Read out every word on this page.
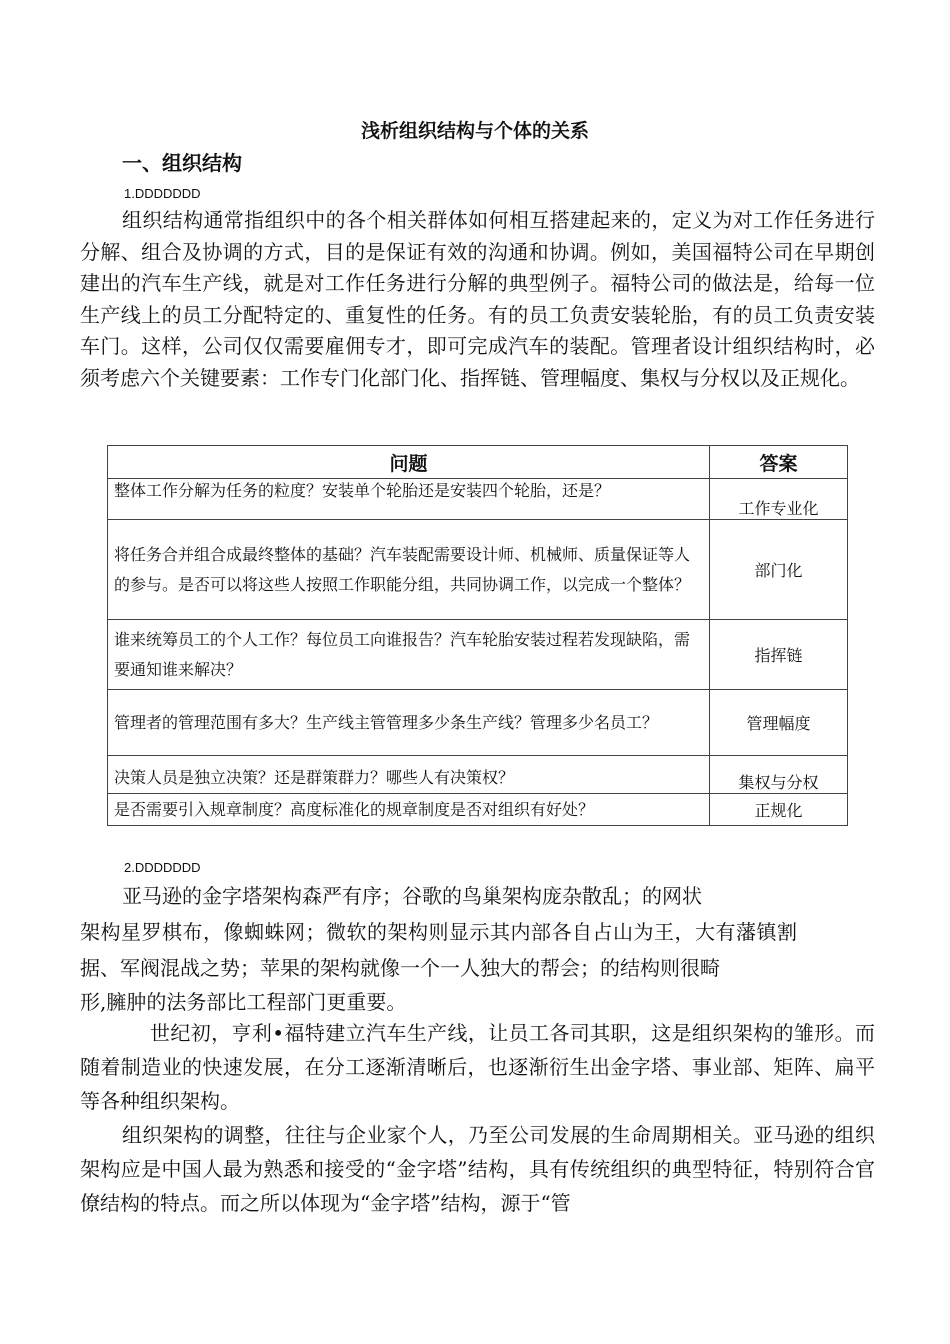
浅析组织结构与个体的关系
一、组织结构
1.DDDDDDD

组织结构通常指组织中的各个相关群体如何相互搭建起来的，定义为对工作任务进行分解、组合及协调的方式，目的是保证有效的沟通和协调。例如，美国福特公司在早期创建出的汽车生产线，就是对工作任务进行分解的典型例子。福特公司的做法是，给每一位生产线上的员工分配特定的、重复性的任务。有的员工负责安装轮胎，有的员工负责安装车门。这样，公司仅仅需要雇佣专才，即可完成汽车的装配。管理者设计组织结构时，必须考虑六个关键要素：工作专门化部门化、指挥链、管理幅度、集权与分权以及正规化。

问题	答案
整体工作分解为任务的粒度？安装单个轮胎还是安装四个轮胎，还是？	工作专业化
将任务合并组合成最终整体的基础？汽车装配需要设计师、机械师、质量保证等人的参与。是否可以将这些人按照工作职能分组，共同协调工作，以完成一个整体？	部门化
谁来统筹员工的个人工作？每位员工向谁报告？汽车轮胎安装过程若发现缺陷，需要通知谁来解决？	指挥链
管理者的管理范围有多大？生产线主管管理多少条生产线？管理多少名员工？	管理幅度
决策人员是独立决策？还是群策群力？哪些人有决策权？	集权与分权
是否需要引入规章制度？高度标准化的规章制度是否对组织有好处？	正规化
2.DDDDDDD
亚马逊的金字塔架构森严有序；谷歌的鸟巢架构庞杂散乱；的网状
架构星罗棋布，像蜘蛛网；微软的架构则显示其内部各自占山为王，大有藩镇割
据、军阀混战之势；苹果的架构就像一个一人独大的帮会；的结构则很畸
形,臃肿的法务部比工程部门更重要。

世纪初，亨利•福特建立汽车生产线，让员工各司其职，这是组织架构的雏形。而随着制造业的快速发展，在分工逐渐清晰后，也逐渐衍生出金字塔、事业部、矩阵、扁平等各种组织架构。

组织架构的调整，往往与企业家个人，乃至公司发展的生命周期相关。亚马逊的组织架构应是中国人最为熟悉和接受的“金字塔”结构，具有传统组织的典型特征，特别符合官僚结构的特点。而之所以体现为“金字塔”结构，源于“管
